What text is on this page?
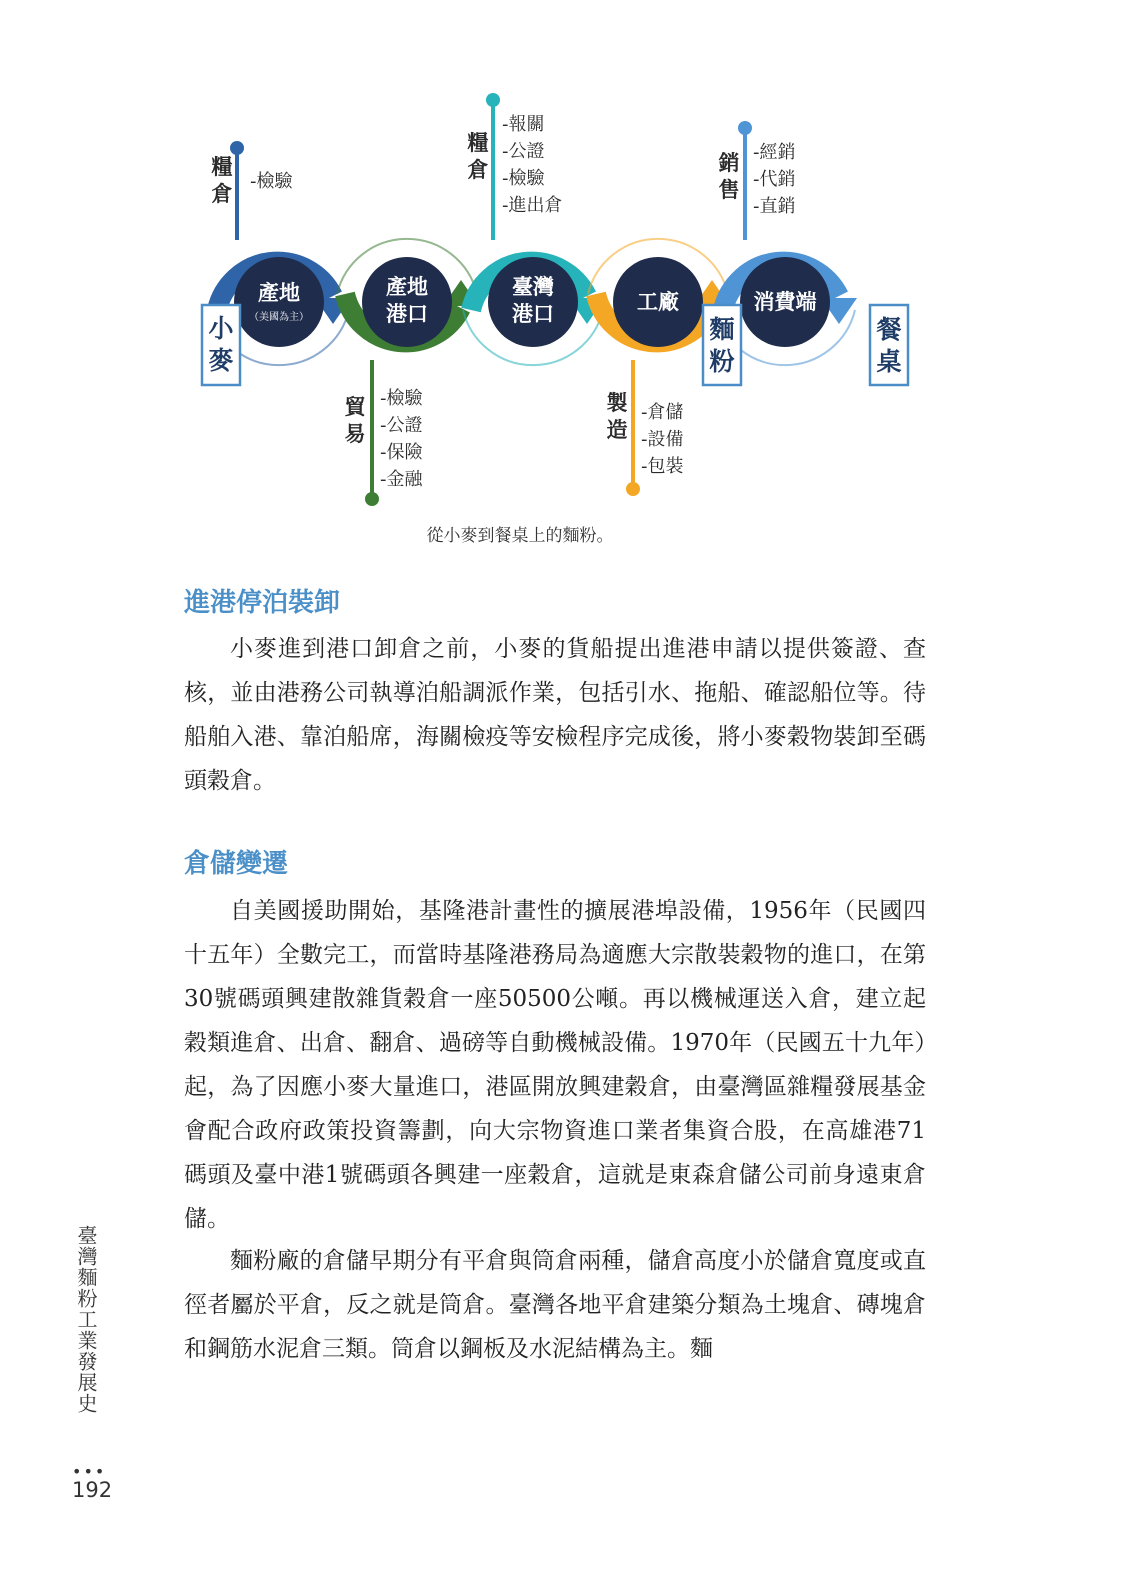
產地
（美國為主）
產地
港口
臺灣
港口	工廠	消費端
小
麥
麵
粉
餐
桌
糧
倉
-檢驗
貿
易
-檢驗
-公證
-保險
-金融
糧
倉
-報關
-公證
-檢驗
-進出倉
製
造
-倉儲
-設備
-包裝
銷
售
-經銷
-代銷
-直銷
從小麥到餐桌上的麵粉。
進港停泊裝卸

小麥進到港口卸倉之前，小麥的貨船提出進港申請以提供簽證、查核，並由港務公司執導泊船調派作業，包括引水、拖船、確認船位等。待船舶入港、靠泊船席，海關檢疫等安檢程序完成後，將小麥穀物裝卸至碼頭穀倉。

倉儲變遷

自美國援助開始，基隆港計畫性的擴展港埠設備，1956年（民國四十五年）全數完工，而當時基隆港務局為適應大宗散裝穀物的進口，在第30號碼頭興建散雜貨穀倉一座50500公噸。再以機械運送入倉，建立起穀類進倉、出倉、翻倉、過磅等自動機械設備。1970年（民國五十九年）起，為了因應小麥大量進口，港區開放興建穀倉，由臺灣區雜糧發展基金會配合政府政策投資籌劃，向大宗物資進口業者集資合股，在高雄港71碼頭及臺中港1號碼頭各興建一座穀倉，這就是東森倉儲公司前身遠東倉儲。

麵粉廠的倉儲早期分有平倉與筒倉兩種，儲倉高度小於儲倉寬度或直徑者屬於平倉，反之就是筒倉。臺灣各地平倉建築分類為土塊倉、磚塊倉和鋼筋水泥倉三類。筒倉以鋼板及水泥結構為主。麵

臺灣麵粉工業發展史
•••
192
